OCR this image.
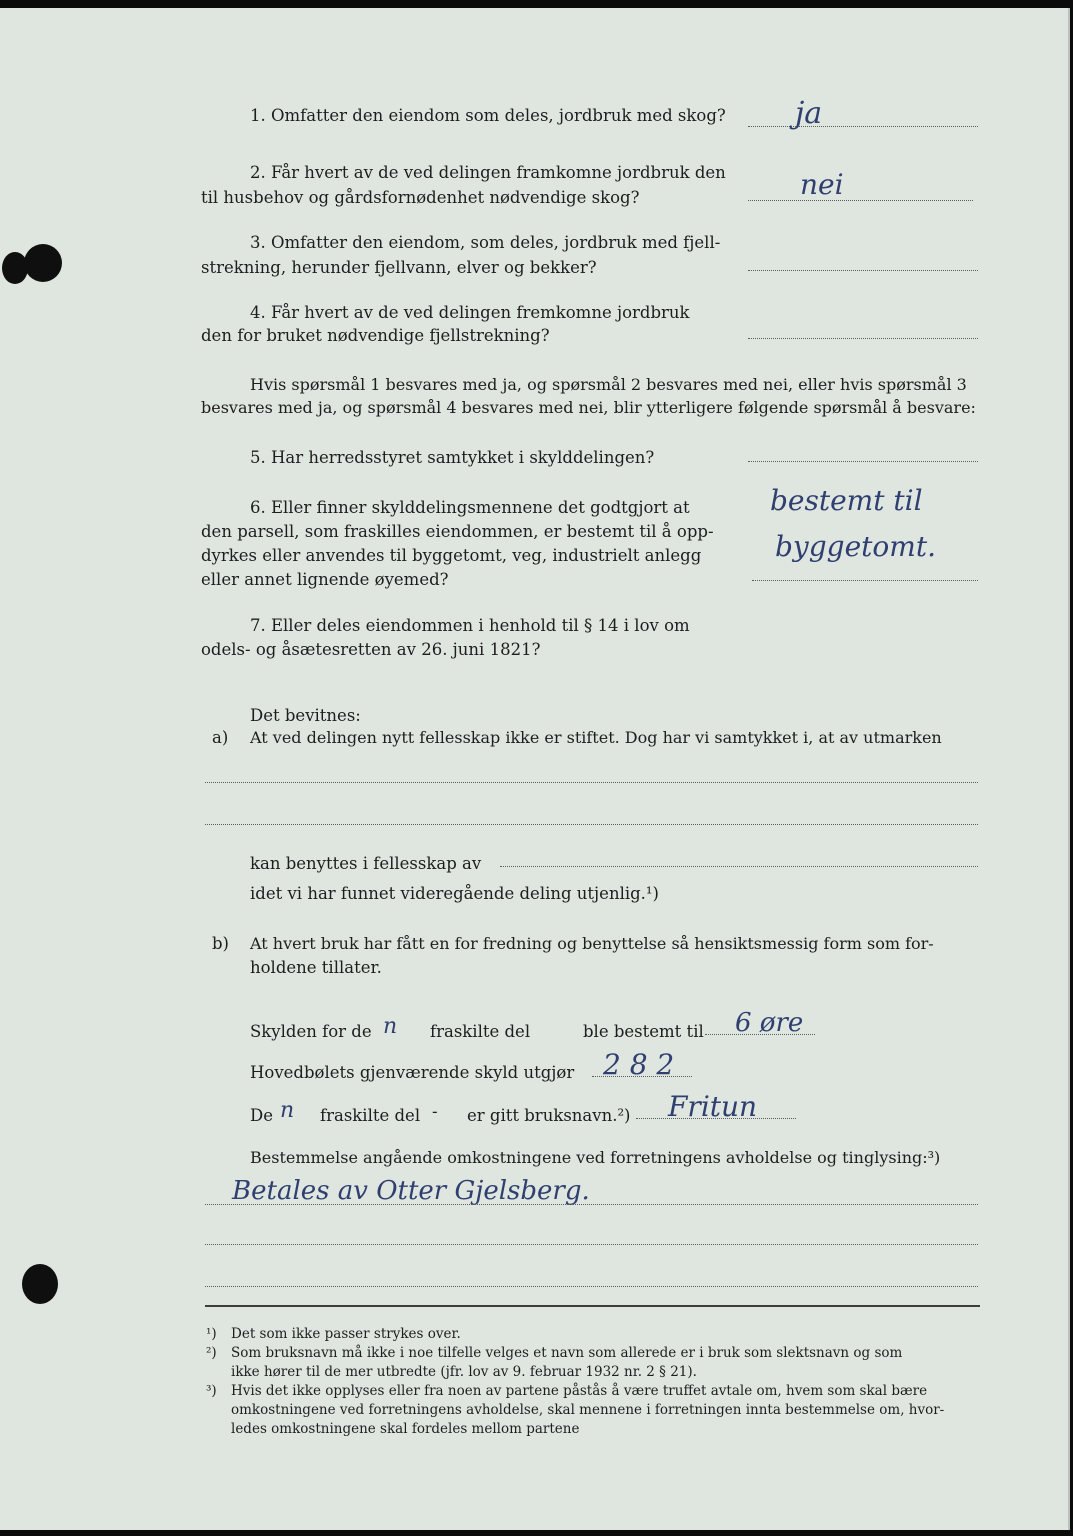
1. Omfatter den eiendom som deles, jordbruk med skog? ja
2. Får hvert av de ved delingen framkomne jordbruk den
til husbehov og gårdsfornødenhet nødvendige skog?	nei
3. Omfatter den eiendom, som deles, jordbruk med fjell-
strekning, herunder fjellvann, elver og bekker?
4. Får hvert av de ved delingen fremkomne jordbruk
den for bruket nødvendige fjellstrekning?
Hvis spørsmål 1 besvares med ja, og spørsmål 2 besvares med nei, eller hvis spørsmål 3
besvares med ja, og spørsmål 4 besvares med nei, blir ytterligere følgende spørsmål å besvare:
5. Har herredsstyret samtykket i skylddelingen?
6. Eller finner skylddelingsmennene det godtgjort at
den parsell, som fraskilles eiendommen, er bestemt til å opp-
dyrkes eller anvendes til byggetomt, veg, industrielt anlegg
eller annet lignende øyemed?
bestemt til
byggetomt.
7. Eller deles eiendommen i henhold til § 14 i lov om
odels- og åsætesretten av 26. juni 1821?
Det bevitnes:
a) At ved delingen nytt fellesskap ikke er stiftet. Dog har vi samtykket i, at av utmarken
kan benyttes i fellesskap av
idet vi har funnet videregående deling utjenlig.¹)
b) At hvert bruk har fått en for fredning og benyttelse så hensiktsmessig form som for-
holdene tillater.
Skylden for de n fraskilte del	ble bestemt til 6 øre
Hovedbølets gjenværende skyld utgjør 2 8 2
De n fraskilte del - er gitt bruksnavn.²) Fritun
Bestemmelse angående omkostningene ved forretningens avholdelse og tinglysing:³)
Betales av Otter Gjelsberg.
¹) Det som ikke passer strykes over.
²) Som bruksnavn må ikke i noe tilfelle velges et navn som allerede er i bruk som slektsnavn og som
ikke hører til de mer utbredte (jfr. lov av 9. februar 1932 nr. 2 § 21).
³) Hvis det ikke opplyses eller fra noen av partene påstås å være truffet avtale om, hvem som skal bære
omkostningene ved forretningens avholdelse, skal mennene i forretningen innta bestemmelse om, hvor-
ledes omkostningene skal fordeles mellom partene
